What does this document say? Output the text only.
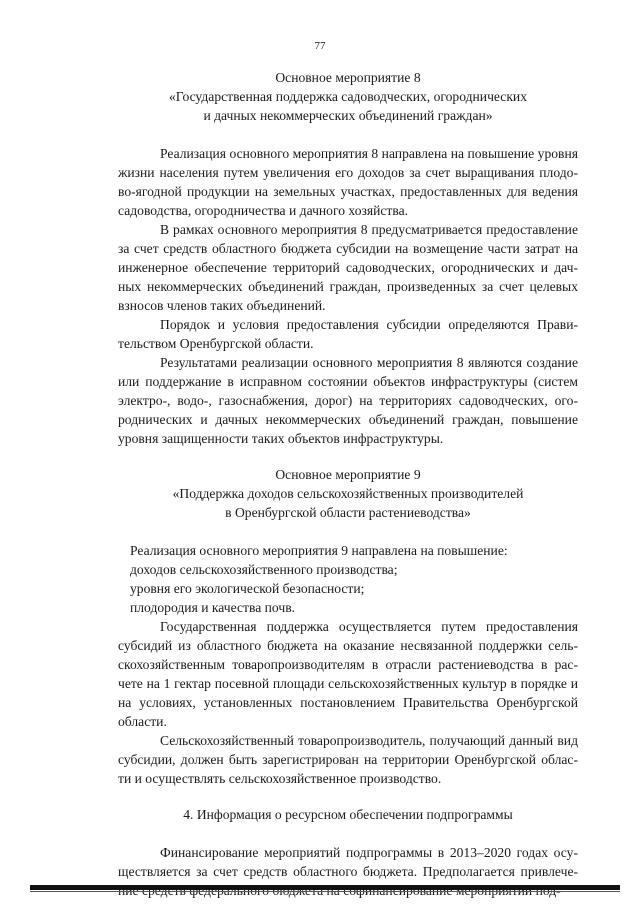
77
Основное мероприятие 8
«Государственная поддержка садоводческих, огороднических
и дачных некоммерческих объединений граждан»

Реализация основного мероприятия 8 направлена на повышение уровня жизни населения путем увеличения его доходов за счет выращивания плодо-во-ягодной продукции на земельных участках, предоставленных для ведения садоводства, огородничества и дачного хозяйства.

В рамках основного мероприятия 8 предусматривается предоставление за счет средств областного бюджета субсидии на возмещение части затрат на инженерное обеспечение территорий садоводческих, огороднических и дач-ных некоммерческих объединений граждан, произведенных за счет целевых взносов членов таких объединений.

Порядок и условия предоставления субсидии определяются Прави-тельством Оренбургской области.

Результатами реализации основного мероприятия 8 являются создание или поддержание в исправном состоянии объектов инфраструктуры (систем электро-, водо-, газоснабжения, дорог) на территориях садоводческих, ого-роднических и дачных некоммерческих объединений граждан, повышение уровня защищенности таких объектов инфраструктуры.

Основное мероприятие 9
«Поддержка доходов сельскохозяйственных производителей
в Оренбургской области растениеводства»
Реализация основного мероприятия 9 направлена на повышение:
доходов сельскохозяйственного производства;
уровня его экологической безопасности;
плодородия и качества почв.

Государственная поддержка осуществляется путем предоставления субсидий из областного бюджета на оказание несвязанной поддержки сель-скохозяйственным товаропроизводителям в отрасли растениеводства в рас-чете на 1 гектар посевной площади сельскохозяйственных культур в порядке и на условиях, установленных постановлением Правительства Оренбургской области.

Сельскохозяйственный товаропроизводитель, получающий данный вид субсидии, должен быть зарегистрирован на территории Оренбургской облас-ти и осуществлять сельскохозяйственное производство.

4. Информация о ресурсном обеспечении подпрограммы

Финансирование мероприятий подпрограммы в 2013–2020 годах осу-ществляется за счет средств областного бюджета. Предполагается привлече-
